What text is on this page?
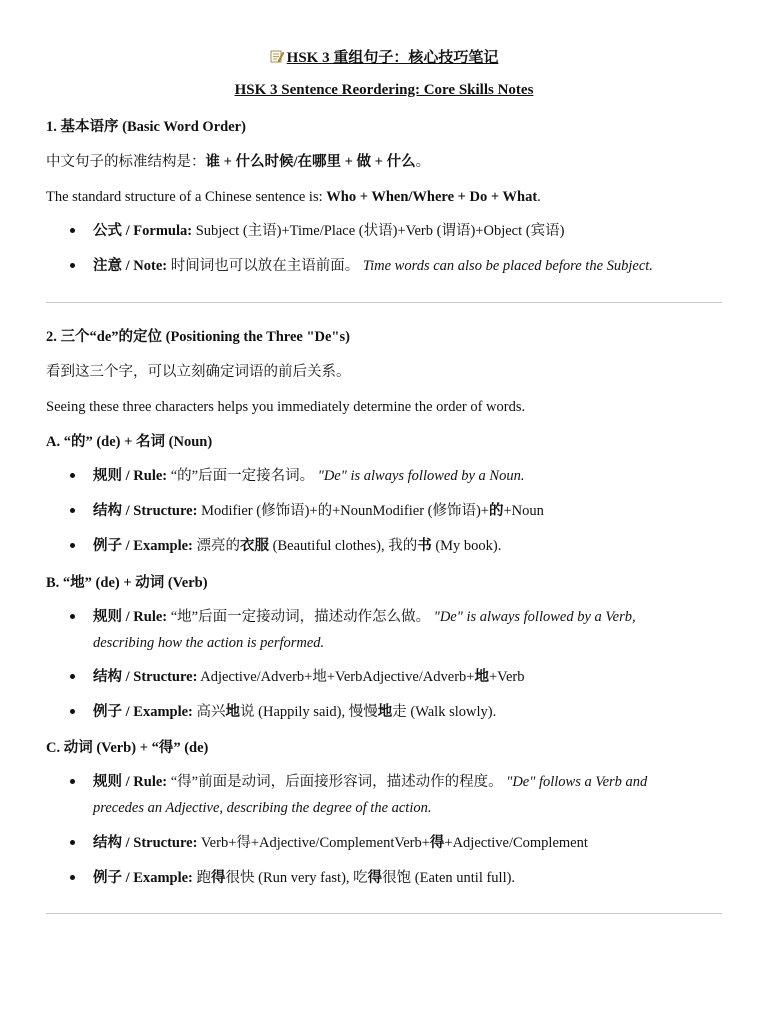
HSK 3 重组句子：核心技巧笔记
HSK 3 Sentence Reordering: Core Skills Notes
1. 基本语序 (Basic Word Order)
中文句子的标准结构是：谁 + 什么时候/在哪里 + 做 + 什么。
The standard structure of a Chinese sentence is: Who + When/Where + Do + What.
公式 / Formula: Subject (主语)+Time/Place (状语)+Verb (谓语)+Object (宾语)
注意 / Note: 时间词也可以放在主语前面。 Time words can also be placed before the Subject.
2. 三个“de”的定位 (Positioning the Three "De"s)
看到这三个字，可以立刻确定词语的前后关系。
Seeing these three characters helps you immediately determine the order of words.
A. “的” (de) + 名词 (Noun)
规则 / Rule: “的”后面一定接名词。 "De" is always followed by a Noun.
结构 / Structure: Modifier (修饰语)+的+NounModifier (修饰语)+的+Noun
例子 / Example: 漂亮的衣服 (Beautiful clothes), 我的书 (My book).
B. “地” (de) + 动词 (Verb)
规则 / Rule: “地”后面一定接动词，描述动作怎么做。 "De" is always followed by a Verb,
describing how the action is performed.
结构 / Structure: Adjective/Adverb+地+VerbAdjective/Adverb+地+Verb
例子 / Example: 高兴地说 (Happily said), 慢慢地走 (Walk slowly).
C. 动词 (Verb) + “得” (de)
规则 / Rule: “得”前面是动词，后面接形容词，描述动作的程度。 "De" follows a Verb and
precedes an Adjective, describing the degree of the action.
结构 / Structure: Verb+得+Adjective/ComplementVerb+得+Adjective/Complement
例子 / Example: 跑得很快 (Run very fast), 吃得很饱 (Eaten until full).
